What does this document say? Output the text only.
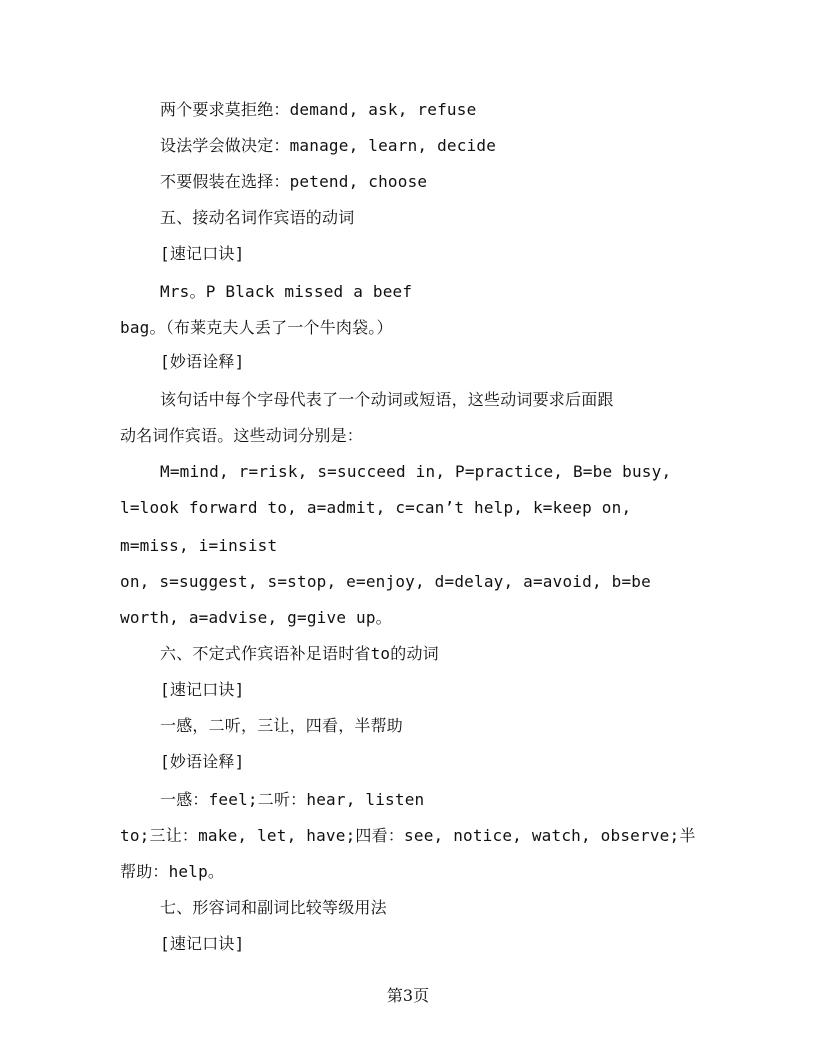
两个要求莫拒绝：demand, ask, refuse
设法学会做决定：manage, learn, decide
不要假装在选择：petend, choose
五、接动名词作宾语的动词
[速记口诀]
Mrs。P Black missed a beef
bag。（布莱克夫人丢了一个牛肉袋。）
[妙语诠释]
该句话中每个字母代表了一个动词或短语，这些动词要求后面跟
动名词作宾语。这些动词分别是：
M=mind, r=risk, s=succeed in, P=practice, B=be busy,
l=look forward to, a=admit, c=can’t help, k=keep on,
m=miss, i=insist
on, s=suggest, s=stop, e=enjoy, d=delay, a=avoid, b=be
worth, a=advise, g=give up。
六、不定式作宾语补足语时省to的动词
[速记口诀]
一感，二听，三让，四看，半帮助
[妙语诠释]
一感：feel;二听：hear, listen
to;三让：make, let, have;四看：see, notice, watch, observe;半
帮助：help。
七、形容词和副词比较等级用法
[速记口诀]
第3页
